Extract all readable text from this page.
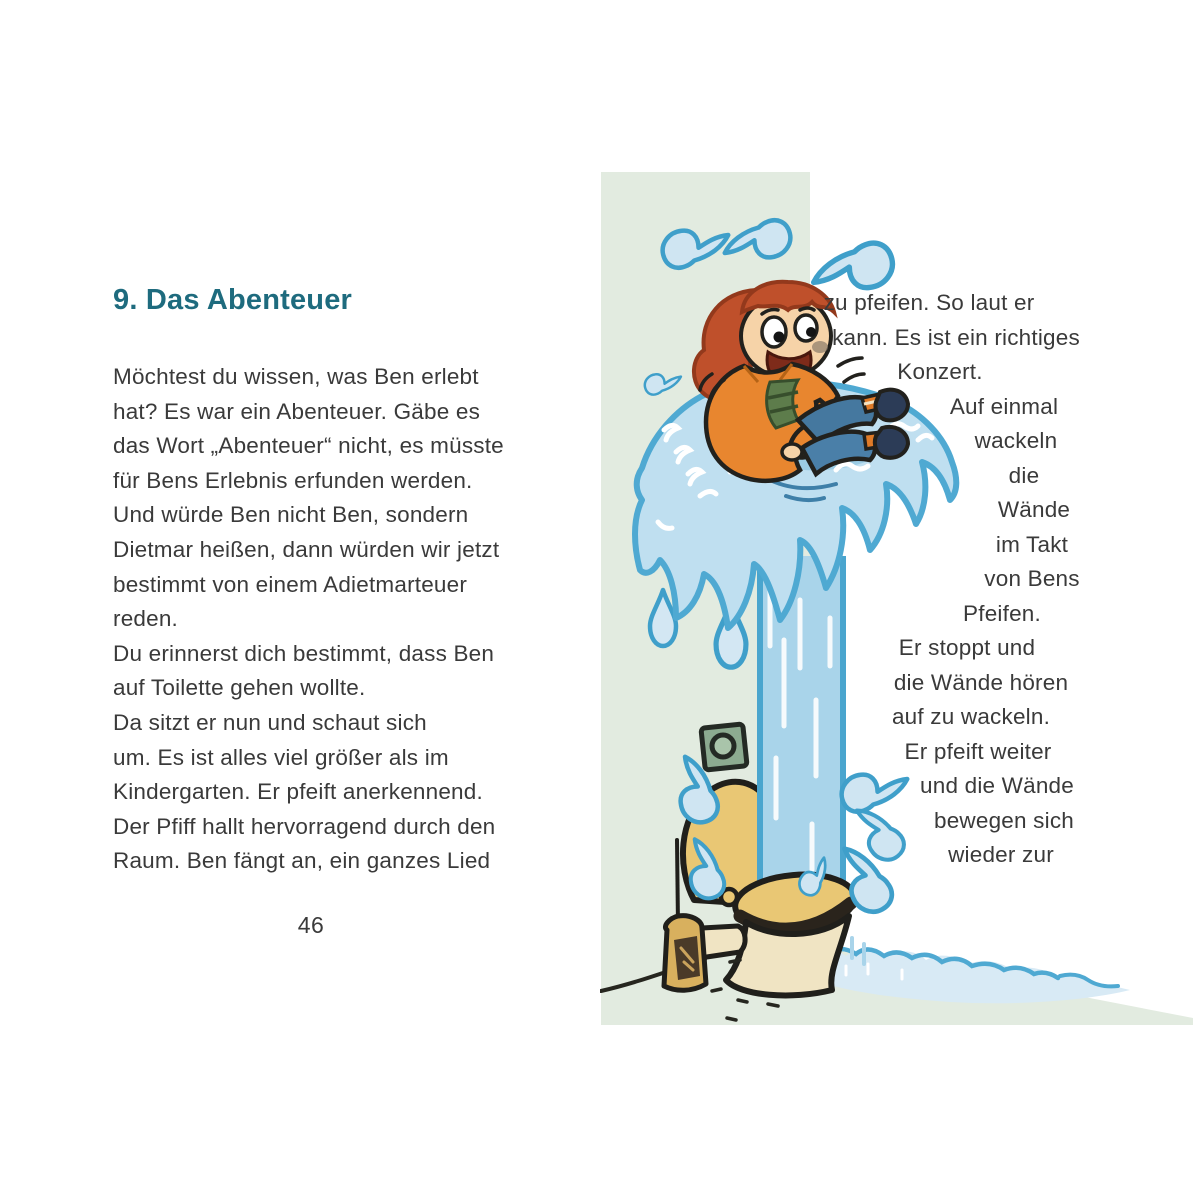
9. Das Abenteuer
Möchtest du wissen, was Ben erlebt
hat? Es war ein Abenteuer. Gäbe es
das Wort „Abenteuer“ nicht, es müsste
für Bens Erlebnis erfunden werden.
Und würde Ben nicht Ben, sondern
Dietmar heißen, dann würden wir jetzt
bestimmt von einem Adietmarteuer
reden.
Du erinnerst dich bestimmt, dass Ben
auf Toilette gehen wollte.
Da sitzt er nun und schaut sich
um. Es ist alles viel größer als im
Kindergarten. Er pfeift anerkennend.
Der Pfiff hallt hervorragend durch den
Raum. Ben fängt an, ein ganzes Lied
46
zu pfeifen. So laut er
kann. Es ist ein richtiges
Konzert.
Auf einmal
wackeln
die
Wände
im Takt
von Bens
Pfeifen.
Er stoppt und
die Wände hören
auf zu wackeln.
Er pfeift weiter
und die Wände
bewegen sich
wieder zur
